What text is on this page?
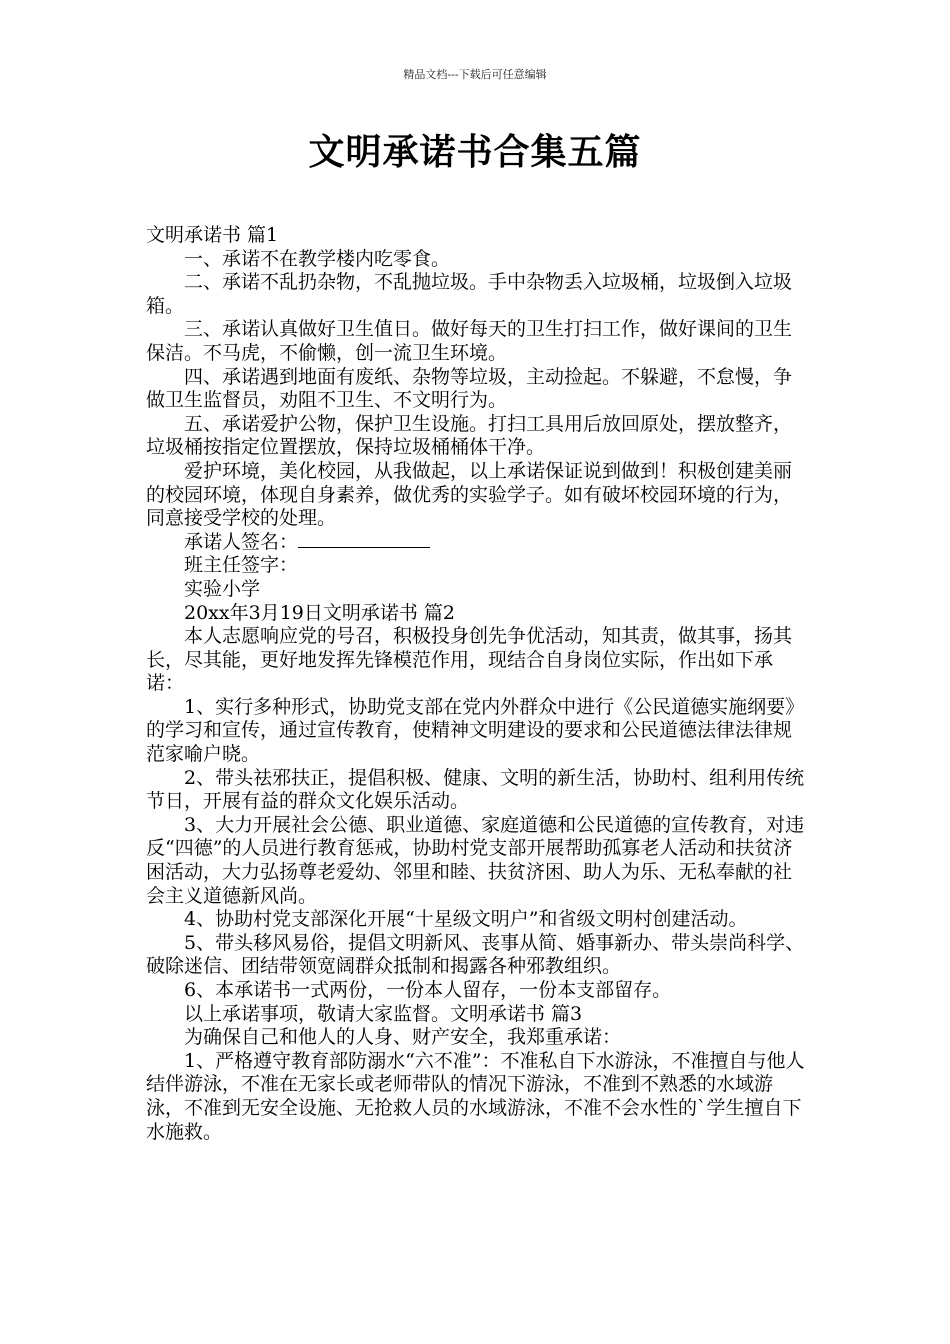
精品文档---下载后可任意编辑
文明承诺书合集五篇

文明承诺书 篇1

一、承诺不在教学楼内吃零食。

二、承诺不乱扔杂物，不乱抛垃圾。手中杂物丢入垃圾桶，垃圾倒入垃圾箱。

三、承诺认真做好卫生值日。做好每天的卫生打扫工作，做好课间的卫生保洁。不马虎，不偷懒，创一流卫生环境。

四、承诺遇到地面有废纸、杂物等垃圾，主动捡起。不躲避，不怠慢，争做卫生监督员，劝阻不卫生、不文明行为。

五、承诺爱护公物，保护卫生设施。打扫工具用后放回原处，摆放整齐，垃圾桶按指定位置摆放，保持垃圾桶桶体干净。

爱护环境，美化校园，从我做起，以上承诺保证说到做到！积极创建美丽的校园环境，体现自身素养，做优秀的实验学子。如有破坏校园环境的行为，同意接受学校的处理。

承诺人签名：

班主任签字：

实验小学

20xx年3月19日文明承诺书 篇2

本人志愿响应党的号召，积极投身创先争优活动，知其责，做其事，扬其长，尽其能，更好地发挥先锋模范作用，现结合自身岗位实际，作出如下承诺：

1、实行多种形式，协助党支部在党内外群众中进行《公民道德实施纲要》的学习和宣传，通过宣传教育，使精神文明建设的要求和公民道德法律法律规范家喻户晓。

2、带头祛邪扶正，提倡积极、健康、文明的新生活，协助村、组利用传统节日，开展有益的群众文化娱乐活动。

3、大力开展社会公德、职业道德、家庭道德和公民道德的宣传教育，对违反“四德”的人员进行教育惩戒，协助村党支部开展帮助孤寡老人活动和扶贫济困活动，大力弘扬尊老爱幼、邻里和睦、扶贫济困、助人为乐、无私奉献的社会主义道德新风尚。

4、协助村党支部深化开展“十星级文明户”和省级文明村创建活动。

5、带头移风易俗，提倡文明新风、丧事从简、婚事新办、带头崇尚科学、破除迷信、团结带领宽阔群众抵制和揭露各种邪教组织。

6、本承诺书一式两份，一份本人留存，一份本支部留存。

以上承诺事项，敬请大家监督。文明承诺书 篇3

为确保自己和他人的人身、财产安全，我郑重承诺：

1、严格遵守教育部防溺水“六不准”：不准私自下水游泳，不准擅自与他人结伴游泳，不准在无家长或老师带队的情况下游泳，不准到不熟悉的水域游泳，不准到无安全设施、无抢救人员的水域游泳，不准不会水性的`学生擅自下水施救。
